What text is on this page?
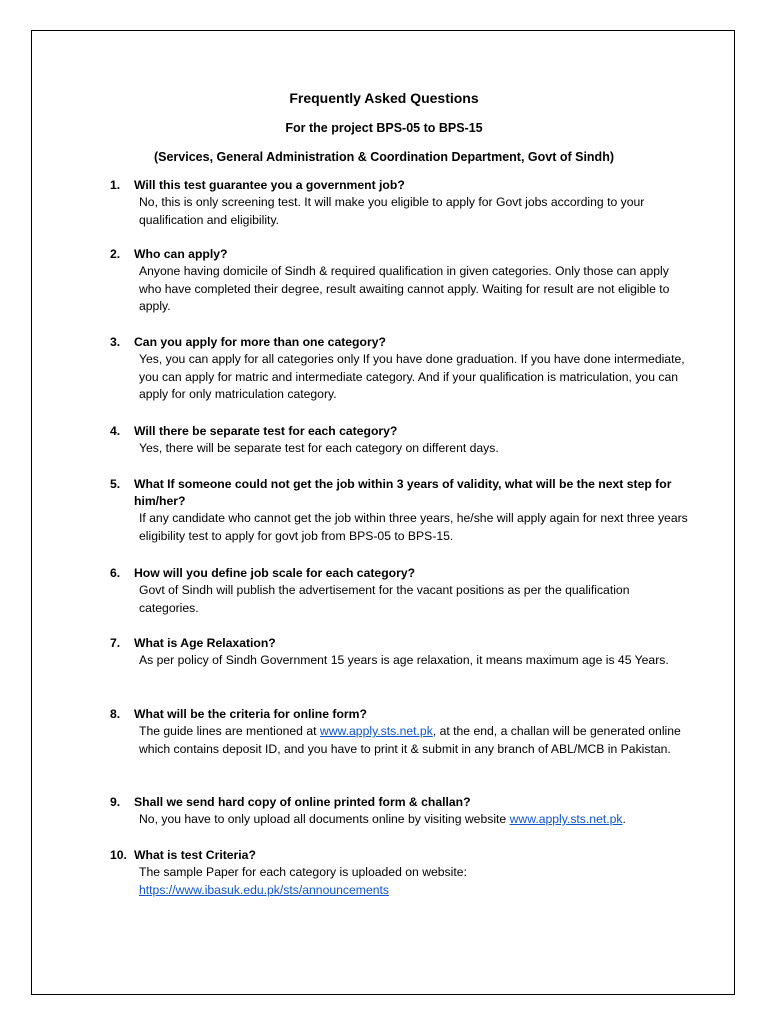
Frequently Asked Questions
For the project BPS-05 to BPS-15
(Services, General Administration & Coordination Department, Govt of Sindh)
1. Will this test guarantee you a government job?
No, this is only screening test. It will make you eligible to apply for Govt jobs according to your qualification and eligibility.
2. Who can apply?
Anyone having domicile of Sindh & required qualification in given categories. Only those can apply who have completed their degree, result awaiting cannot apply. Waiting for result are not eligible to apply.
3. Can you apply for more than one category?
Yes, you can apply for all categories only If you have done graduation. If you have done intermediate, you can apply for matric and intermediate category. And if your qualification is matriculation, you can apply for only matriculation category.
4. Will there be separate test for each category?
Yes, there will be separate test for each category on different days.
5. What If someone could not get the job within 3 years of validity, what will be the next step for him/her?
If any candidate who cannot get the job within three years, he/she will apply again for next three years eligibility test to apply for govt job from BPS-05 to BPS-15.
6. How will you define job scale for each category?
Govt of Sindh will publish the advertisement for the vacant positions as per the qualification categories.
7. What is Age Relaxation?
As per policy of Sindh Government 15 years is age relaxation, it means maximum age is 45 Years.
8. What will be the criteria for online form?
The guide lines are mentioned at www.apply.sts.net.pk, at the end, a challan will be generated online which contains deposit ID, and you have to print it & submit in any branch of ABL/MCB in Pakistan.
9. Shall we send hard copy of online printed form & challan?
No, you have to only upload all documents online by visiting website www.apply.sts.net.pk.
10. What is test Criteria?
The sample Paper for each category is uploaded on website:
https://www.ibasuk.edu.pk/sts/announcements
